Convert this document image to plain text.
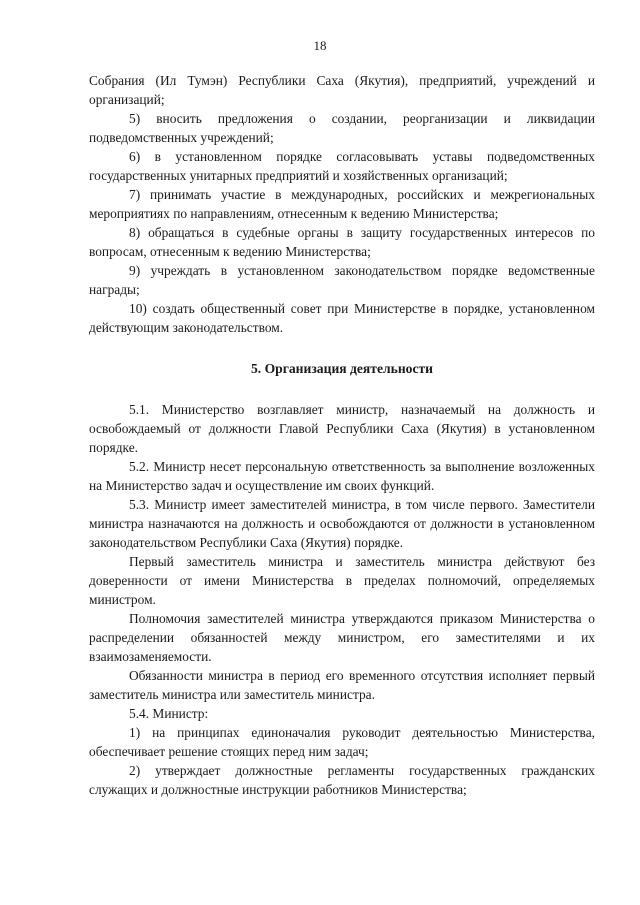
18

Собрания (Ил Тумэн) Республики Саха (Якутия), предприятий, учреждений и организаций;

5) вносить предложения о создании, реорганизации и ликвидации подведомственных учреждений;

6) в установленном порядке согласовывать уставы подведомственных государственных унитарных предприятий и хозяйственных организаций;

7) принимать участие в международных, российских и межрегиональных мероприятиях по направлениям, отнесенным к ведению Министерства;

8) обращаться в судебные органы в защиту государственных интересов по вопросам, отнесенным к ведению Министерства;

9) учреждать в установленном законодательством порядке ведомственные награды;

10) создать общественный совет при Министерстве в порядке, установленном действующим законодательством.

5. Организация деятельности

5.1. Министерство возглавляет министр, назначаемый на должность и освобождаемый от должности Главой Республики Саха (Якутия) в установленном порядке.

5.2. Министр несет персональную ответственность за выполнение возложенных на Министерство задач и осуществление им своих функций.

5.3. Министр имеет заместителей министра, в том числе первого. Заместители министра назначаются на должность и освобождаются от должности в установленном законодательством Республики Саха (Якутия) порядке.

Первый заместитель министра и заместитель министра действуют без доверенности от имени Министерства в пределах полномочий, определяемых министром.

Полномочия заместителей министра утверждаются приказом Министерства о распределении обязанностей между министром, его заместителями и их взаимозаменяемости.

Обязанности министра в период его временного отсутствия исполняет первый заместитель министра или заместитель министра.

5.4. Министр:

1) на принципах единоначалия руководит деятельностью Министерства, обеспечивает решение стоящих перед ним задач;

2) утверждает должностные регламенты государственных гражданских служащих и должностные инструкции работников Министерства;
